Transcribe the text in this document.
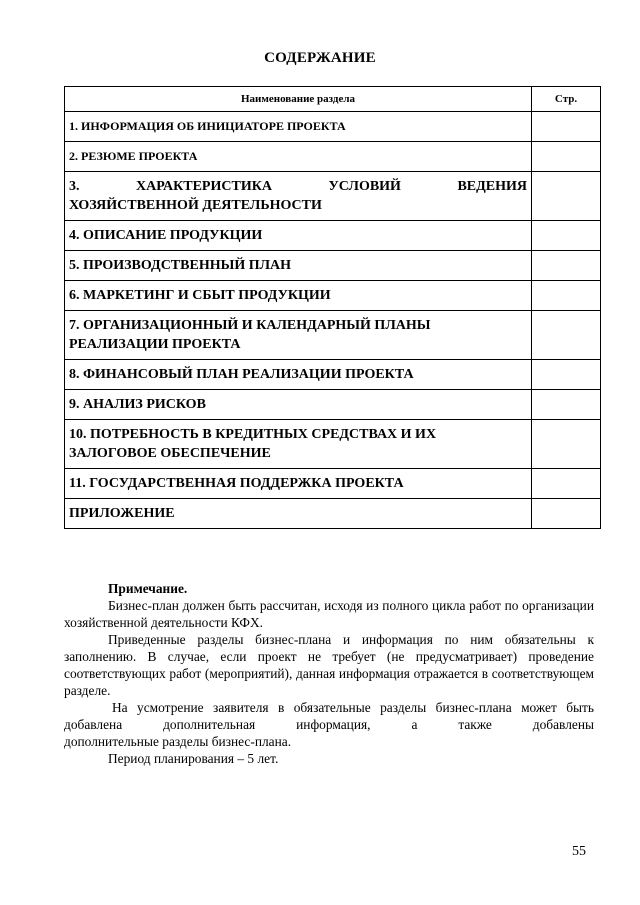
СОДЕРЖАНИЕ
Наименование раздела	Стр.
1. ИНФОРМАЦИЯ ОБ ИНИЦИАТОРЕ ПРОЕКТА	
2. РЕЗЮМЕ ПРОЕКТА	

3. ХАРАКТЕРИСТИКА УСЛОВИЙ ВЕДЕНИЯ
ХОЗЯЙСТВЕННОЙ ДЕЯТЕЛЬНОСТИ	

4. ОПИСАНИЕ ПРОДУКЦИИ	
5. ПРОИЗВОДСТВЕННЫЙ ПЛАН	
6. МАРКЕТИНГ И СБЫТ ПРОДУКЦИИ	

7. ОРГАНИЗАЦИОННЫЙ И КАЛЕНДАРНЫЙ ПЛАНЫ
РЕАЛИЗАЦИИ ПРОЕКТА	

8. ФИНАНСОВЫЙ ПЛАН РЕАЛИЗАЦИИ ПРОЕКТА	
9. АНАЛИЗ РИСКОВ	

10. ПОТРЕБНОСТЬ В КРЕДИТНЫХ СРЕДСТВАХ И ИХ
ЗАЛОГОВОЕ ОБЕСПЕЧЕНИЕ	

11. ГОСУДАРСТВЕННАЯ ПОДДЕРЖКА ПРОЕКТА	
ПРИЛОЖЕНИЕ	

Примечание.

Бизнес-план должен быть рассчитан, исходя из полного цикла работ по организации хозяйственной деятельности КФХ.

Приведенные разделы бизнес-плана и информация по ним обязательны к заполнению. В случае, если проект не требует (не предусматривает) проведение соответствующих работ (мероприятий), данная информация отражается в соответствующем разделе.

На усмотрение заявителя в обязательные разделы бизнес-плана может быть добавлена дополнительная информация, а также добавлены

дополнительные разделы бизнес-плана.

Период планирования – 5 лет.

55
